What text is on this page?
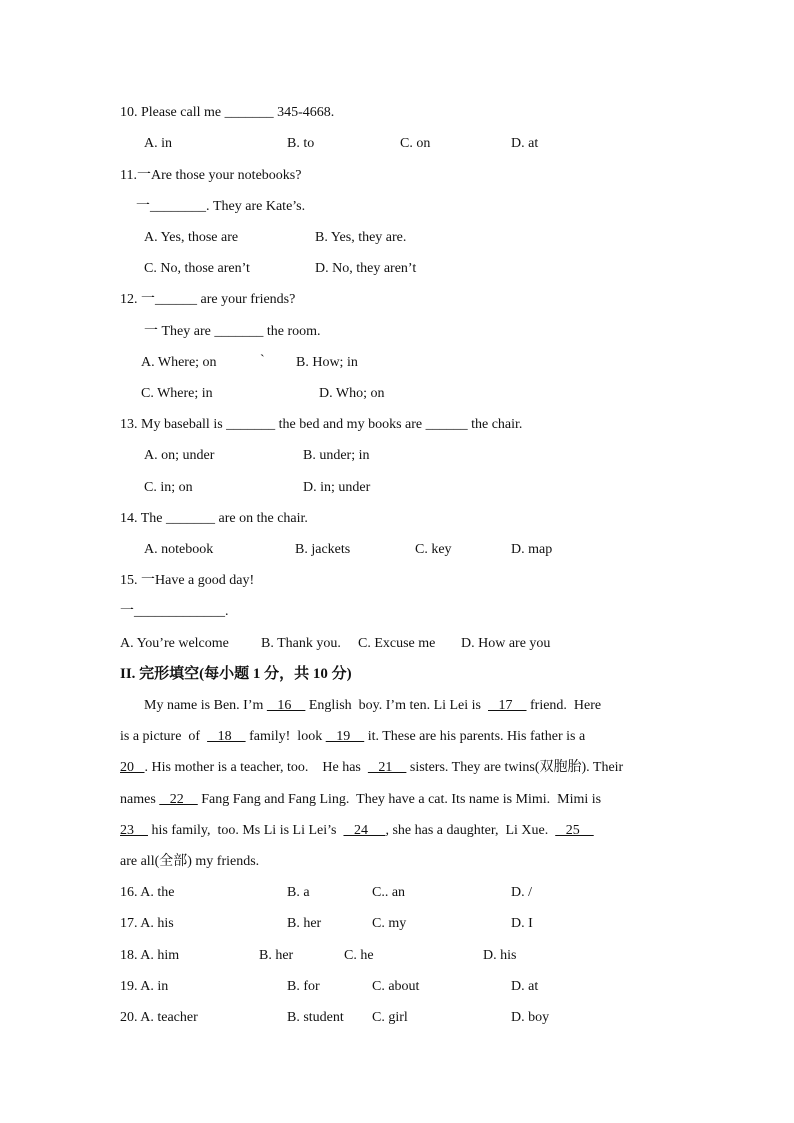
10. Please call me _______ 345-4668.
A. in	B. to	C. on	D. at
11.一Are those your notebooks?
一________. They are Kate’s.
A. Yes, those are	B. Yes, they are.
C. No, those aren’t	D. No, they aren’t
12. 一______ are your friends?
一 They are _______ the room.
A. Where; on	` B. How; in
C. Where; in	D. Who; on
13. My baseball is _______ the bed and my books are ______ the chair.
A. on; under	B. under; in
C. in; on	D. in; under
14. The _______ are on the chair.
A. notebook	B. jackets	C. key	D. map
15. 一Have a good day!
一_____________.
A. You’re welcome B. Thank you. C. Excuse me D. How are you
II. 完形填空(每小题 1 分，共 10 分)
My name is Ben. I’m    16     English  boy. I’m ten. Li Lei is     17     friend.  Here
is a picture  of     18     family!  look    19     it. These are his parents. His father is a
20   . His mother is a teacher, too.    He has     21     sisters. They are twins(双胞胎). Their
names    22     Fang Fang and Fang Ling.  They have a cat. Its name is Mimi.  Mimi is
23     his family,  too. Ms Li is Li Lei’s     24     , she has a daughter,  Li Xue.     25
are all(全部) my friends.
16. A. the	B. a	C.. an	D. /
17. A. his	B. her	C. my	D. I
18. A. him	B. her	C. he	D. his
19. A. in	B. for	C. about	D. at
20. A. teacher	B. student C. girl	D. boy
